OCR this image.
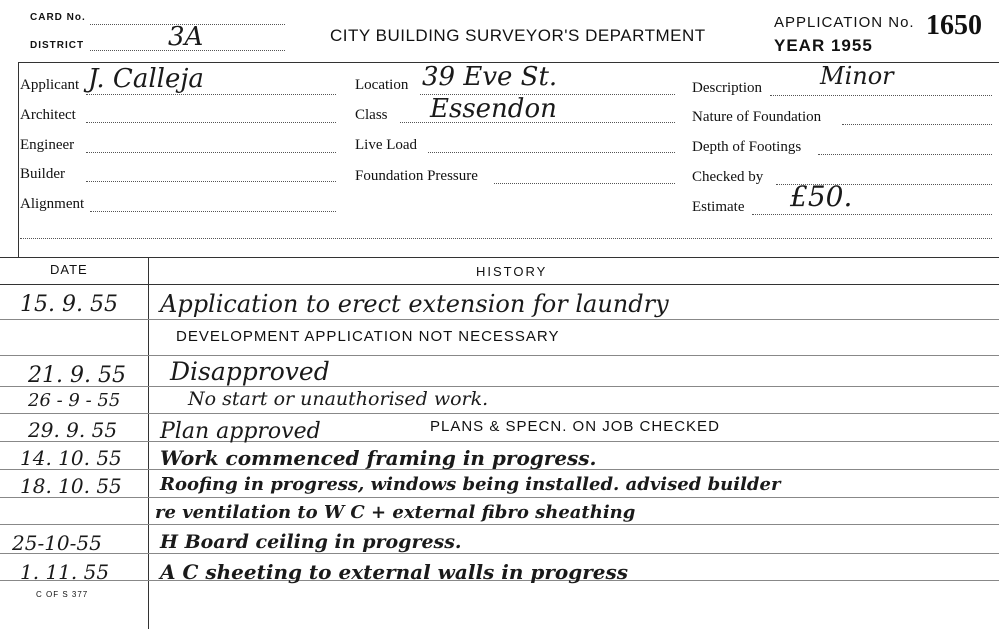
CARD No.
DISTRICT	3A	CITY BUILDING SURVEYOR'S DEPARTMENT
APPLICATION No. 1650
YEAR 1955
Applicant J. Calleja
Architect
Engineer
Builder
Alignment
Location 39 Eve St.
Class Essendon
Live Load
Foundation Pressure
Description Minor
Nature of Foundation
Depth of Footings
Checked by
Estimate £50.
DATE	HISTORY
15. 9. 55 Application to erect extension for laundry
DEVELOPMENT APPLICATION NOT NECESSARY
21. 9. 55 Disapproved
26 - 9 - 55	No start or unauthorised work.
29. 9. 55 Plan approved	PLANS & SPECN. ON JOB CHECKED
14. 10. 55 Work commenced framing in progress.
18. 10. 55 Roofing in progress, windows being installed. advised builder
re ventilation to W C + external fibro sheathing
25-10-55	H Board ceiling in progress.
1. 11. 55	A C sheeting to external walls in progress
C OF S 377
